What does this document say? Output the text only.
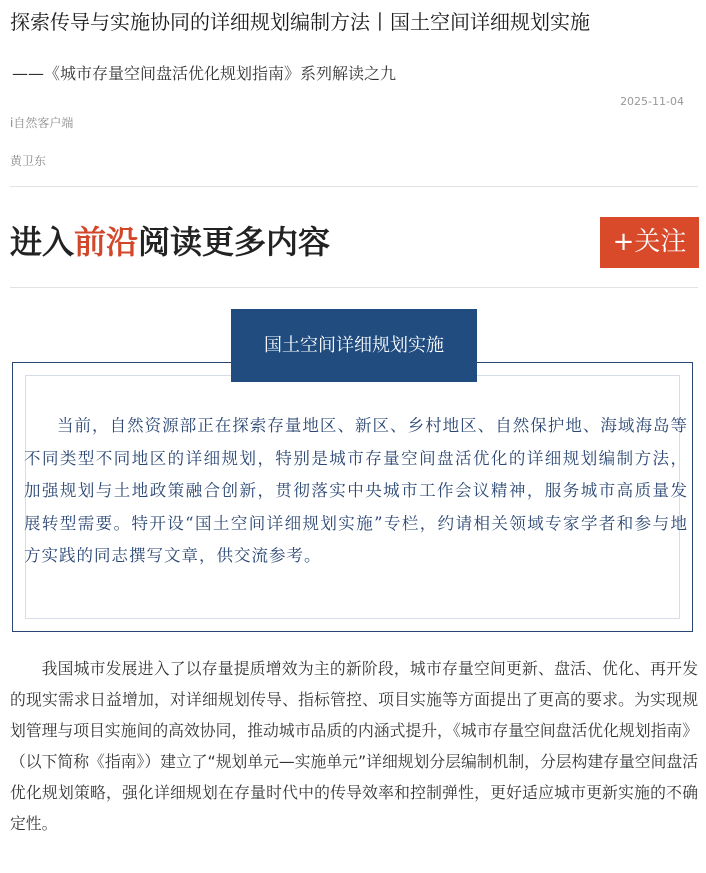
探索传导与实施协同的详细规划编制方法丨国土空间详细规划实施
——《城市存量空间盘活优化规划指南》系列解读之九
2025-11-04
i自然客户端
黄卫东
进入前沿阅读更多内容	+关注
国土空间详细规划实施
当前，自然资源部正在探索存量地区、新区、乡村地区、自然保护地、海域海岛等不同类型不同地区的详细规划，特别是城市存量空间盘活优化的详细规划编制方法，加强规划与土地政策融合创新，贯彻落实中央城市工作会议精神，服务城市高质量发展转型需要。特开设“国土空间详细规划实施”专栏，约请相关领域专家学者和参与地方实践的同志撰写文章，供交流参考。
我国城市发展进入了以存量提质增效为主的新阶段，城市存量空间更新、盘活、优化、再开发的现实需求日益增加，对详细规划传导、指标管控、项目实施等方面提出了更高的要求。为实现规划管理与项目实施间的高效协同，推动城市品质的内涵式提升，《城市存量空间盘活优化规划指南》（以下简称《指南》）建立了“规划单元—实施单元”详细规划分层编制机制，分层构建存量空间盘活优化规划策略，强化详细规划在存量时代中的传导效率和控制弹性，更好适应城市更新实施的不确定性。
